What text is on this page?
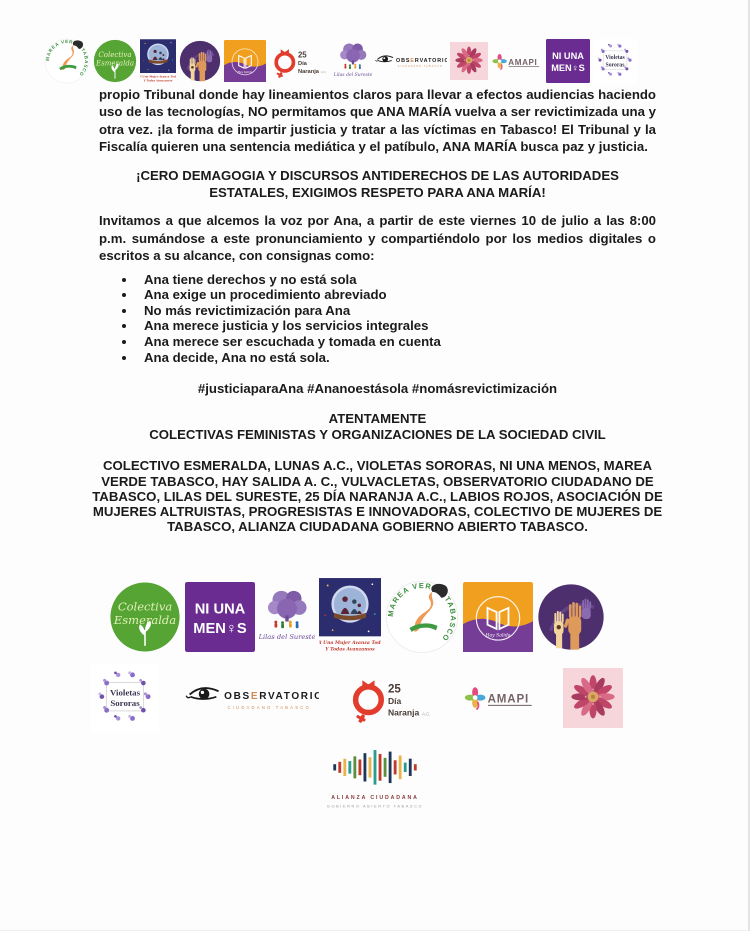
propio Tribunal donde hay lineamientos claros para llevar a efectos audiencias haciendo uso de las tecnologías, NO permitamos que ANA MARÍA vuelva a ser revictimizada una y otra vez. ¡la forma de impartir justicia y tratar a las víctimas en Tabasco! El Tribunal y la Fiscalía quieren una sentencia mediática y el patíbulo, ANA MARÍA busca paz y justicia.

¡CERO DEMAGOGIA Y DISCURSOS ANTIDERECHOS DE LAS AUTORIDADES ESTATALES, EXIGIMOS RESPETO PARA ANA MARÍA!

Invitamos a que alcemos la voz por Ana, a partir de este viernes 10 de julio a las 8:00 p.m. sumándose a este pronunciamiento y compartiéndolo por los medios digitales o escritos a su alcance, con consignas como:

• Ana tiene derechos y no está sola
• Ana exige un procedimiento abreviado
• No más revictimización para Ana
• Ana merece justicia y los servicios integrales
• Ana merece ser escuchada y tomada en cuenta
• Ana decide, Ana no está sola.

#justiciaparaAna #Ananoestásola #nomásrevictimización

ATENTAMENTE

COLECTIVAS FEMINISTAS Y ORGANIZACIONES DE LA SOCIEDAD CIVIL

COLECTIVO ESMERALDA, LUNAS A.C., VIOLETAS SORORAS, NI UNA MENOS, MAREA VERDE TABASCO, HAY SALIDA A. C., VULVACLETAS, OBSERVATORIO CIUDADANO DE TABASCO, LILAS DEL SURESTE, 25 DÍA NARANJA A.C., LABIOS ROJOS, ASOCIACIÓN DE MUJERES ALTRUISTAS, PROGRESISTAS E INNOVADORAS, COLECTIVO DE MUJERES DE TABASCO, ALIANZA CIUDADANA GOBIERNO ABIERTO TABASCO.
